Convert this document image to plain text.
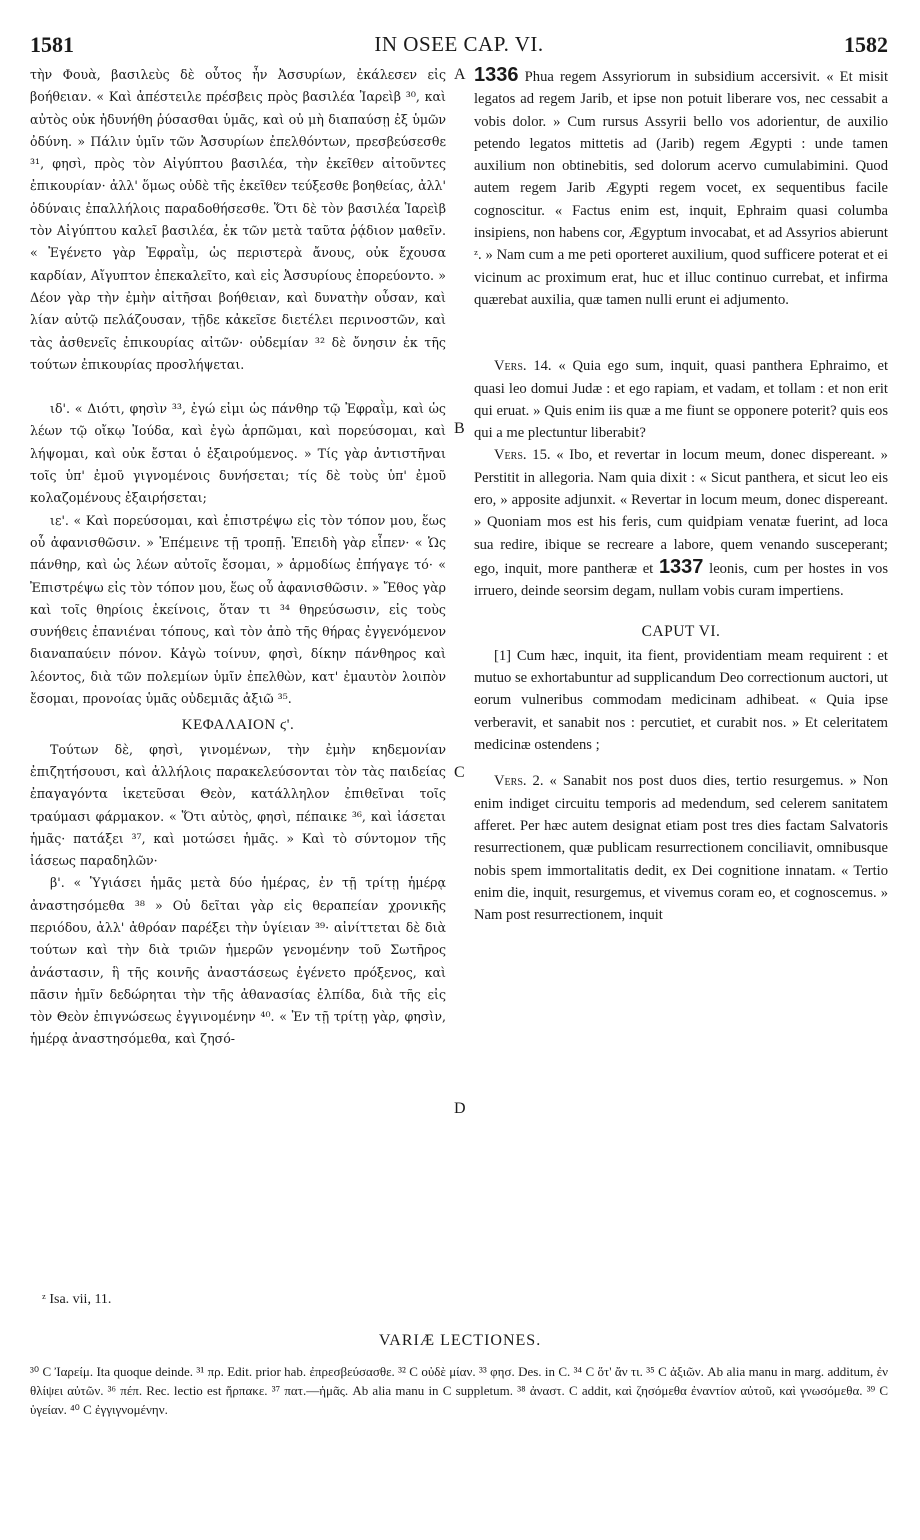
1581	IN OSEE CAP. VI.	1582
A
B
C
D

τὴν Φουὰ, βασιλεὺς δὲ οὗτος ἦν Ἀσσυρίων, ἐκάλεσεν εἰς βοήθειαν. « Καὶ ἀπέστειλε πρέσβεις πρὸς βασιλέα Ἰαρεὶβ ³⁰, καὶ αὐτὸς οὐκ ἠδυνήθη ῥύσασθαι ὑμᾶς, καὶ οὐ μὴ διαπαύσῃ ἐξ ὑμῶν ὀδύνη. » Πάλιν ὑμῖν τῶν Ἀσσυρίων ἐπελθόντων, πρεσβεύσεσθε ³¹, φησὶ, πρὸς τὸν Αἰγύπτου βασιλέα, τὴν ἐκεῖθεν αἰτοῦντες ἐπικουρίαν· ἀλλ' ὅμως οὐδὲ τῆς ἐκεῖθεν τεύξεσθε βοηθείας, ἀλλ' ὀδύναις ἐπαλλήλοις παραδοθήσεσθε. Ὅτι δὲ τὸν βασιλέα Ἰαρεὶβ τὸν Αἰγύπτου καλεῖ βασιλέα, ἐκ τῶν μετὰ ταῦτα ῥᾴδιον μαθεῖν. « Ἐγένετο γὰρ Ἐφραῒμ, ὡς περιστερὰ ἄνους, οὐκ ἔχουσα καρδίαν, Αἴγυπτον ἐπεκαλεῖτο, καὶ εἰς Ἀσσυρίους ἐπορεύοντο. » Δέον γὰρ τὴν ἐμὴν αἰτῆσαι βοήθειαν, καὶ δυνατὴν οὖσαν, καὶ λίαν αὐτῷ πελάζουσαν, τῇδε κἀκεῖσε διετέλει περινοστῶν, καὶ τὰς ἀσθενεῖς ἐπικουρίας αἰτῶν· οὐδεμίαν ³² δὲ ὄνησιν ἐκ τῆς τούτων ἐπικουρίας προσλήψεται.

ιδ'. « Διότι, φησὶν ³³, ἐγώ εἰμι ὡς πάνθηρ τῷ Ἐφραῒμ, καὶ ὡς λέων τῷ οἴκῳ Ἰούδα, καὶ ἐγὼ ἁρπῶμαι, καὶ πορεύσομαι, καὶ λήψομαι, καὶ οὐκ ἔσται ὁ ἐξαιρούμενος. » Τίς γὰρ ἀντιστῆναι τοῖς ὑπ' ἐμοῦ γιγνομένοις δυνήσεται; τίς δὲ τοὺς ὑπ' ἐμοῦ κολαζομένους ἐξαιρήσεται;

ιε'. « Καὶ πορεύσομαι, καὶ ἐπιστρέψω εἰς τὸν τόπον μου, ἕως οὗ ἀφανισθῶσιν. » Ἐπέμεινε τῇ τροπῇ. Ἐπειδὴ γὰρ εἶπεν· « Ὡς πάνθηρ, καὶ ὡς λέων αὐτοῖς ἔσομαι, » ἁρμοδίως ἐπήγαγε τό· « Ἐπιστρέψω εἰς τὸν τόπον μου, ἕως οὗ ἀφανισθῶσιν. » Ἔθος γὰρ καὶ τοῖς θηρίοις ἐκείνοις, ὅταν τι ³⁴ θηρεύσωσιν, εἰς τοὺς συνήθεις ἐπανιέναι τόπους, καὶ τὸν ἀπὸ τῆς θήρας ἐγγενόμενον διαναπαύειν πόνον. Κἀγὼ τοίνυν, φησὶ, δίκην πάνθηρος καὶ λέοντος, διὰ τῶν πολεμίων ὑμῖν ἐπελθὼν, κατ' ἐμαυτὸν λοιπὸν ἔσομαι, προνοίας ὑμᾶς οὐδεμιᾶς ἀξιῶ ³⁵.

ΚΕΦΑΛΑΙΟΝ ϛ'.

Τούτων δὲ, φησὶ, γινομένων, τὴν ἐμὴν κηδεμονίαν ἐπιζητήσουσι, καὶ ἀλλήλοις παρακελεύσονται τὸν τὰς παιδείας ἐπαγαγόντα ἱκετεῦσαι Θεὸν, κατάλληλον ἐπιθεῖναι τοῖς τραύμασι φάρμακον. « Ὅτι αὐτὸς, φησὶ, πέπαικε ³⁶, καὶ ἰάσεται ἡμᾶς· πατάξει ³⁷, καὶ μοτώσει ἡμᾶς. » Καὶ τὸ σύντομον τῆς ἰάσεως παραδηλῶν·

β'. « Ὑγιάσει ἡμᾶς μετὰ δύο ἡμέρας, ἐν τῇ τρίτῃ ἡμέρᾳ ἀναστησόμεθα ³⁸ » Οὐ δεῖται γὰρ εἰς θεραπείαν χρονικῆς περιόδου, ἀλλ' ἀθρόαν παρέξει τὴν ὑγίειαν ³⁹· αἰνίττεται δὲ διὰ τούτων καὶ τὴν διὰ τριῶν ἡμερῶν γενομένην τοῦ Σωτῆρος ἀνάστασιν, ἣ τῆς κοινῆς ἀναστάσεως ἐγένετο πρόξενος, καὶ πᾶσιν ἡμῖν δεδώρηται τὴν τῆς ἀθανασίας ἐλπίδα, διὰ τῆς εἰς τὸν Θεὸν ἐπιγνώσεως ἐγγινομένην ⁴⁰. « Ἐν τῇ τρίτῃ γὰρ, φησὶν, ἡμέρᾳ ἀναστησόμεθα, καὶ ζησό-

1336 Phua regem Assyriorum in subsidium accersivit. « Et misit legatos ad regem Jarib, et ipse non potuit liberare vos, nec cessabit a vobis dolor. » Cum rursus Assyrii bello vos adorientur, de auxilio petendo legatos mittetis ad (Jarib) regem Ægypti : unde tamen auxilium non obtinebitis, sed dolorum acervo cumulabimini. Quod autem regem Jarib Ægypti regem vocet, ex sequentibus facile cognoscitur. « Factus enim est, inquit, Ephraim quasi columba insipiens, non habens cor, Ægyptum invocabat, et ad Assyrios abierunt ᶻ. » Nam cum a me peti oporteret auxilium, quod sufficere poterat et ei vicinum ac proximum erat, huc et illuc continuo currebat, et infirma quærebat auxilia, quæ tamen nulli erunt ei adjumento.

Vers. 14. « Quia ego sum, inquit, quasi panthera Ephraimo, et quasi leo domui Judæ : et ego rapiam, et vadam, et tollam : et non erit qui eruat. » Quis enim iis quæ a me fiunt se opponere poterit? quis eos qui a me plectuntur liberabit?

Vers. 15. « Ibo, et revertar in locum meum, donec dispereant. » Perstitit in allegoria. Nam quia dixit : « Sicut panthera, et sicut leo eis ero, » apposite adjunxit. « Revertar in locum meum, donec dispereant. » Quoniam mos est his feris, cum quidpiam venatæ fuerint, ad loca sua redire, ibique se recreare a labore, quem venando susceperant; ego, inquit, more pantheræ et 1337 leonis, cum per hostes in vos irruero, deinde seorsim degam, nullam vobis curam impertiens.

CAPUT VI.

[1] Cum hæc, inquit, ita fient, providentiam meam requirent : et mutuo se exhortabuntur ad supplicandum Deo correctionum auctori, ut eorum vulneribus commodam medicinam adhibeat. « Quia ipse verberavit, et sanabit nos : percutiet, et curabit nos. » Et celeritatem medicinæ ostendens ;

Vers. 2. « Sanabit nos post duos dies, tertio resurgemus. » Non enim indiget circuitu temporis ad medendum, sed celerem sanitatem afferet. Per hæc autem designat etiam post tres dies factam Salvatoris resurrectionem, quæ publicam resurrectionem conciliavit, omnibusque nobis spem immortalitatis dedit, ex Dei cognitione innatam. « Tertio enim die, inquit, resurgemus, et vivemus coram eo, et cognoscemus. » Nam post resurrectionem, inquit

ᶻ Isa. vii, 11.
VARIÆ LECTIONES.

³⁰ C Ἰαρείμ. Ita quoque deinde. ³¹ πρ. Edit. prior hab. ἐπρεσβεύσασθε. ³² C οὐδὲ μίαν. ³³ φησ. Des. in C. ³⁴ C ὅτ' ἄν τι. ³⁵ C ἀξιῶν. Ab alia manu in marg. additum, ἐν θλίψει αὐτῶν. ³⁶ πέπ. Rec. lectio est ἥρπακε. ³⁷ πατ.—ἡμᾶς. Ab alia manu in C suppletum. ³⁸ ἀναστ. C addit, καὶ ζησόμεθα ἐναντίον αὐτοῦ, καὶ γνωσόμεθα. ³⁹ C ὑγείαν. ⁴⁰ C ἐγγιγνομένην.
